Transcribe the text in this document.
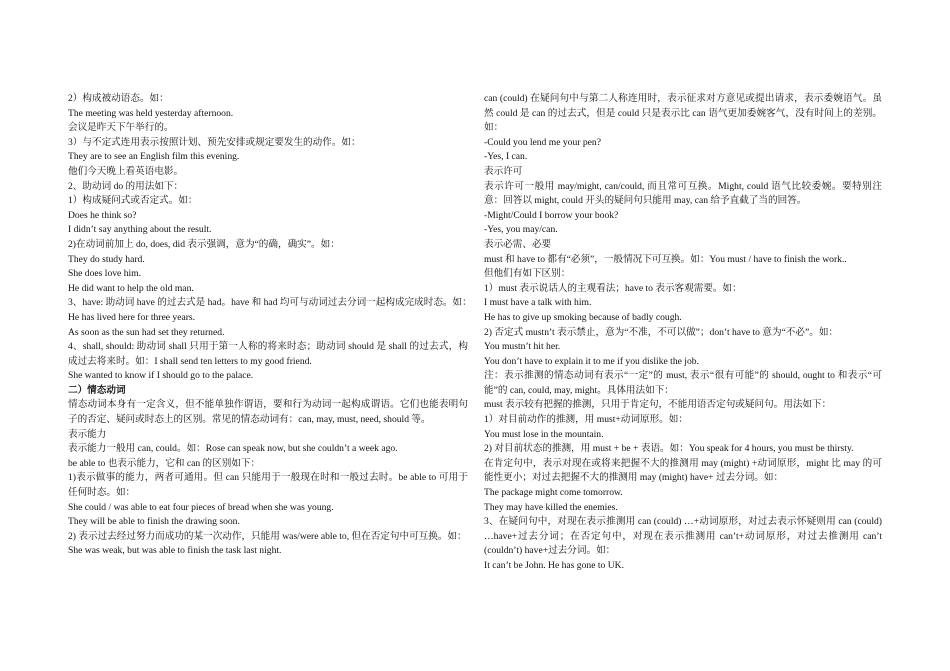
2）构成被动语态。如：
The meeting was held yesterday afternoon.
会议是昨天下午举行的。
3）与不定式连用表示按照计划、预先安排或规定要发生的动作。如：
They are to see an English film this evening.
他们今天晚上看英语电影。
2、助动词 do 的用法如下：
1）构成疑问式或否定式。如：
Does he think so?
I didn’t say anything about the result.
2)在动词前加上 do, does, did 表示强调，意为“的确，确实”。如：
They do study hard.
She does love him.
He did want to help the old man.
3、have: 助动词 have 的过去式是 had。have 和 had 均可与动词过去分词一起构成完成时态。如：
He has lived here for three years.
As soon as the sun had set they returned.
4、shall, should: 助动词 shall 只用于第一人称的将来时态；助动词 should 是 shall 的过去式，构成过去将来时。如：I shall send ten letters to my good friend.
She wanted to know if I should go to the palace.
二）情态动词
情态动词本身有一定含义，但不能单独作谓语，要和行为动词一起构成谓语。它们也能表明句子的否定、疑问或时态上的区别。常见的情态动词有：can, may, must, need, should 等。
表示能力
表示能力一般用 can, could。如：Rose can speak now, but she couldn’t a week ago.
be able to 也表示能力，它和 can 的区别如下：
1)表示做事的能力，两者可通用。但 can 只能用于一般现在时和一般过去时。be able to 可用于任何时态。如：
She could / was able to eat four pieces of bread when she was young.
They will be able to finish the drawing soon.
2) 表示过去经过努力而成功的某一次动作，只能用 was/were able to, 但在否定句中可互换。如：
She was weak, but was able to finish the task last night.
can (could) 在疑问句中与第二人称连用时，表示征求对方意见或提出请求，表示委婉语气。虽然 could 是 can 的过去式，但是 could 只是表示比 can 语气更加委婉客气，没有时间上的差别。如：
-Could you lend me your pen?
-Yes, I can.
表示许可
表示许可一般用 may/might, can/could, 而且常可互换。Might, could 语气比较委婉。要特别注意：回答以 might, could 开头的疑问句只能用 may, can 给予直截了当的回答。
-Might/Could I borrow your book?
-Yes, you may/can.
表示必需、必要
must 和 have to 都有“必须”，一般情况下可互换。如：You must / have to finish the work..
但他们有如下区别：
1）must 表示说话人的主观看法；have to 表示客观需要。如：
I must have a talk with him.
He has to give up smoking because of badly cough.
2) 否定式 mustn’t 表示禁止，意为“不准，不可以做”；don’t have to 意为“不必”。如：
You mustn’t hit her.
You don’t have to explain it to me if you dislike the job.
注：表示推测的情态动词有表示“一定”的 must, 表示“很有可能”的 should, ought to 和表示“可能”的 can, could, may, might。具体用法如下：
must 表示较有把握的推测，只用于肯定句，不能用语否定句或疑问句。用法如下：
1）对目前动作的推测，用 must+动词原形。如：
You must lose in the mountain.
2) 对目前状态的推测，用 must + be + 表语。如：You speak for 4 hours, you must be thirsty.
在肯定句中，表示对现在或将来把握不大的推测用 may (might) +动词原形，might 比 may 的可能性更小；对过去把握不大的推测用 may (might) have+ 过去分词。如：
The package might come tomorrow.
They may have killed the enemies.
3、在疑问句中，对现在表示推测用 can (could) …+动词原形，对过去表示怀疑则用 can (could) …have+过去分词；在否定句中，对现在表示推测用 can’t+动词原形，对过去推测用 can’t (couldn’t) have+过去分词。如：
It can’t be John. He has gone to UK.
